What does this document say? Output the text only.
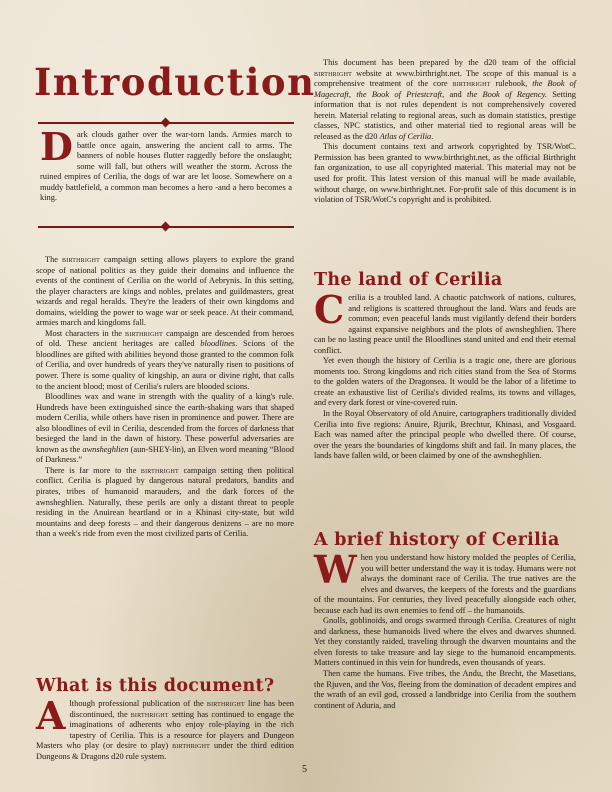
Introduction

Dark clouds gather over the war-torn lands. Armies march to battle once again, answering the ancient call to arms. The banners of noble houses flutter raggedly before the onslaught; some will fall, but others will weather the storm. Across the ruined empires of Cerilia, the dogs of war are let loose. Somewhere on a muddy battlefield, a common man becomes a hero -and a hero becomes a king.

The birthright campaign setting allows players to explore the grand scope of national politics as they guide their domains and influence the events of the continent of Cerilia on the world of Aebrynis. In this setting, the player characters are kings and nobles, prelates and guildmasters, great wizards and regal heralds. They're the leaders of their own kingdoms and domains, wielding the power to wage war or seek peace. At their command, armies march and kingdoms fall.

Most characters in the birthright campaign are descended from heroes of old. These ancient heritages are called bloodlines. Scions of the bloodlines are gifted with abilities beyond those granted to the common folk of Cerilia, and over hundreds of years they've naturally risen to positions of power. There is some quality of kingship, an aura or divine right, that calls to the ancient blood; most of Cerilia's rulers are blooded scions.

Bloodlines wax and wane in strength with the quality of a king's rule. Hundreds have been extinguished since the earth-shaking wars that shaped modern Cerilia, while others have risen in prominence and power. There are also bloodlines of evil in Cerilia, descended from the forces of darkness that besieged the land in the dawn of history. These powerful adversaries are known as the awnsheghlien (aun-SHEY-lin), an Elven word meaning “Blood of Darkness.”

There is far more to the birthright campaign setting then political conflict. Cerilia is plagued by dangerous natural predators, bandits and pirates, tribes of humanoid marauders, and the dark forces of the awnsheghlien. Naturally, these perils are only a distant threat to people residing in the Anuirean heartland or in a Khinasi city-state, but wild mountains and deep forests – and their dangerous denizens – are no more than a week's ride from even the most civilized parts of Cerilia.

What is this document?

Although professional publication of the birthright line has been discontinued, the birthright setting has continued to engage the imaginations of adherents who enjoy role-playing in the rich tapestry of Cerilia. This is a resource for players and Dungeon Masters who play (or desire to play) birthright under the third edition Dungeons & Dragons d20 rule system.

This document has been prepared by the d20 team of the official birthright website at www.birthright.net. The scope of this manual is a comprehensive treatment of the core birthright rulebook, the Book of Magecraft, the Book of Priestcraft, and the Book of Regency. Setting information that is not rules dependent is not comprehensively covered herein. Material relating to regional areas, such as domain statistics, prestige classes, NPC statistics, and other material tied to regional areas will be released as the d20 Atlas of Cerilia.

This document contains text and artwork copyrighted by TSR/WotC. Permission has been granted to www.birthright.net, as the official Birthright fan organization, to use all copyrighted material. This material may not be used for profit. This latest version of this manual will be made available, without charge, on www.birthright.net. For-profit sale of this document is in violation of TSR/WotC's copyright and is prohibited.

The land of Cerilia

Cerilia is a troubled land. A chaotic patchwork of nations, cultures, and religions is scattered throughout the land. Wars and feuds are common; even peaceful lands must vigilantly defend their borders against expansive neighbors and the plots of awnsheghlien. There can be no lasting peace until the Bloodlines stand united and end their eternal conflict.

Yet even though the history of Cerilia is a tragic one, there are glorious moments too. Strong kingdoms and rich cities stand from the Sea of Storms to the golden waters of the Dragonsea. It would be the labor of a lifetime to create an exhaustive list of Cerilia's divided realms, its towns and villages, and every dark forest or vine-covered ruin.

In the Royal Observatory of old Anuire, cartographers traditionally divided Cerilia into five regions: Anuire, Rjurik, Brechtur, Khinasi, and Vosgaard. Each was named after the principal people who dwelled there. Of course, over the years the boundaries of kingdoms shift and fail. In many places, the lands have fallen wild, or been claimed by one of the awnsheghlien.

A brief history of Cerilia

When you understand how history molded the peoples of Cerilia, you will better understand the way it is today. Humans were not always the dominant race of Cerilia. The true natives are the elves and dwarves, the keepers of the forests and the guardians of the mountains. For centuries, they lived peacefully alongside each other, because each had its own enemies to fend off – the humanoids.

Gnolls, goblinoids, and orogs swarmed through Cerilia. Creatures of night and darkness, these humanoids lived where the elves and dwarves shunned. Yet they constantly raided, traveling through the dwarven mountains and the elven forests to take treasure and lay siege to the humanoid encampments. Matters continued in this vein for hundreds, even thousands of years.

Then came the humans. Five tribes, the Andu, the Brecht, the Masetians, the Rjuven, and the Vos, fleeing from the domination of decadent empires and the wrath of an evil god, crossed a landbridge into Cerilia from the southern continent of Aduria, and

5
